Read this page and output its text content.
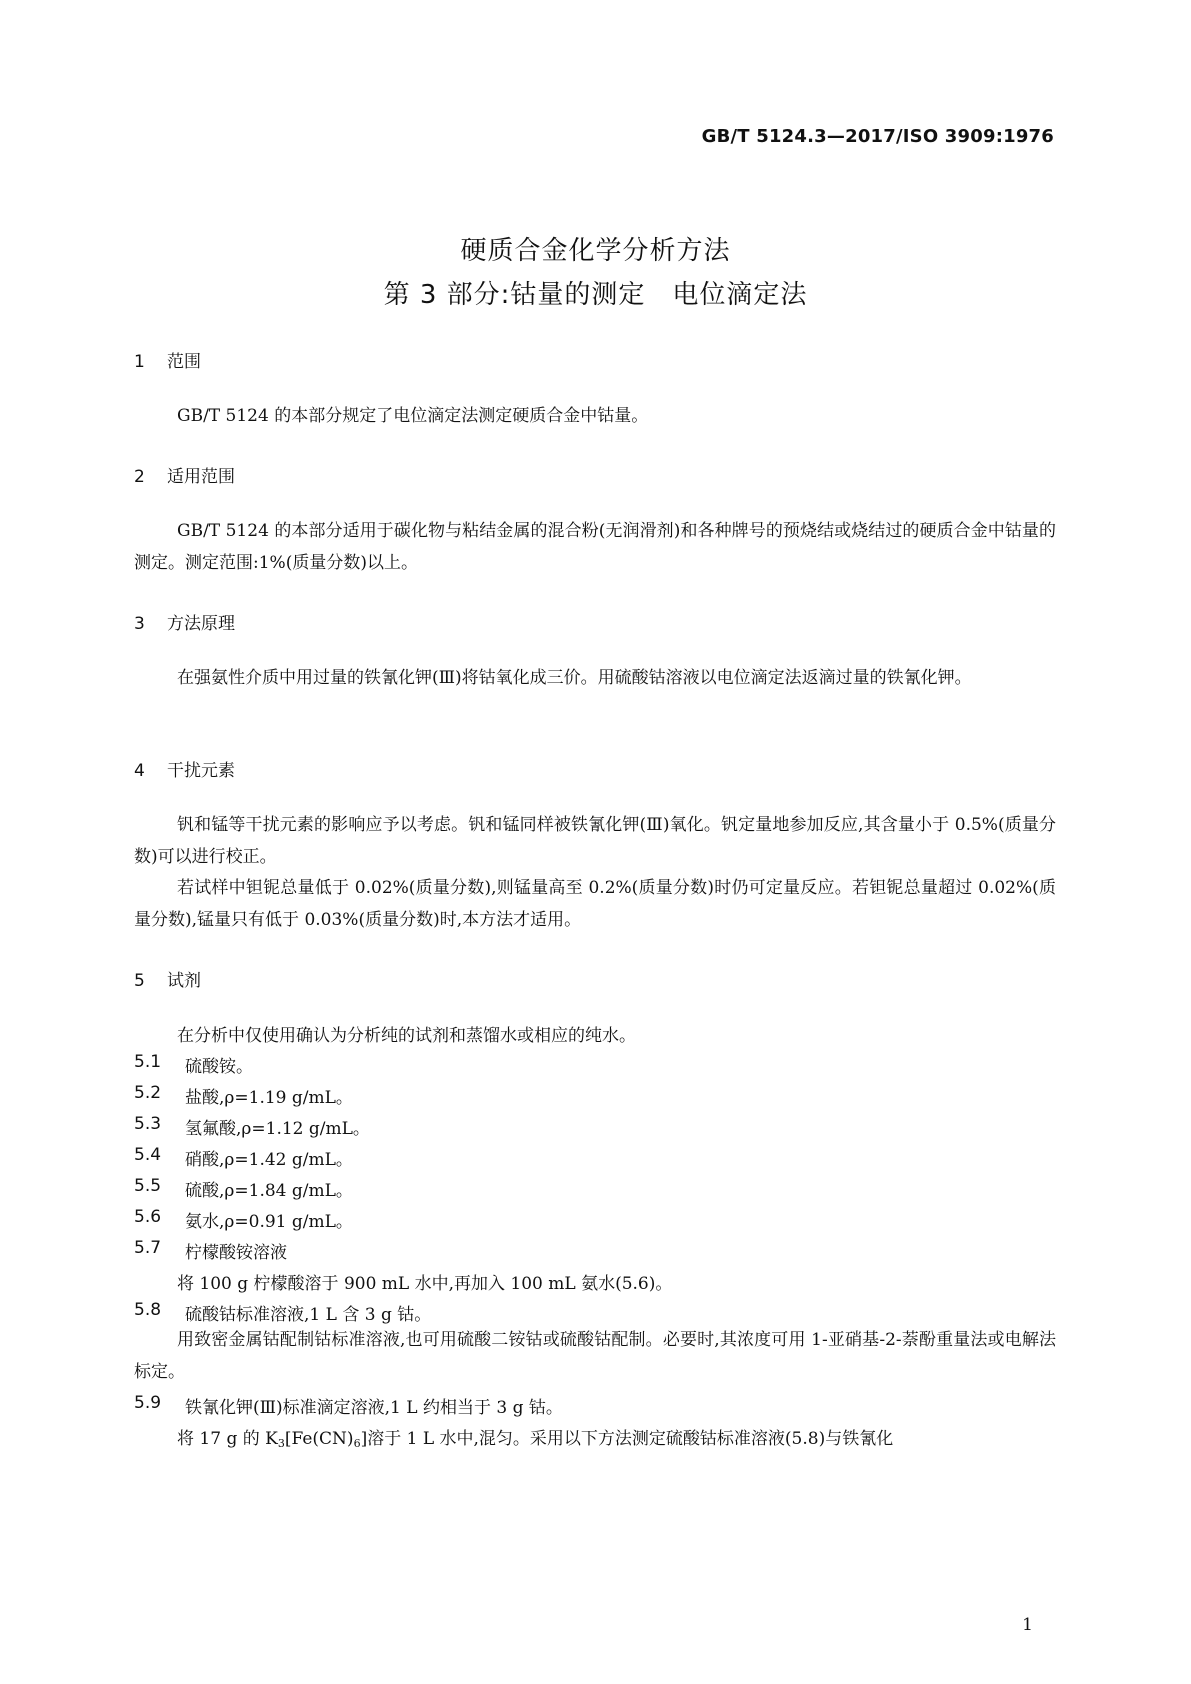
GB/T 5124.3—2017/ISO 3909:1976
硬质合金化学分析方法
第 3 部分:钴量的测定　电位滴定法
1 范围
GB/T 5124 的本部分规定了电位滴定法测定硬质合金中钴量。
2 适用范围
GB/T 5124 的本部分适用于碳化物与粘结金属的混合粉(无润滑剂)和各种牌号的预烧结或烧结过的硬质合金中钴量的测定。测定范围:1%(质量分数)以上。
3 方法原理
在强氨性介质中用过量的铁氰化钾(Ⅲ)将钴氧化成三价。用硫酸钴溶液以电位滴定法返滴过量的铁氰化钾。
4 干扰元素
钒和锰等干扰元素的影响应予以考虑。钒和锰同样被铁氰化钾(Ⅲ)氧化。钒定量地参加反应,其含量小于 0.5%(质量分数)可以进行校正。
若试样中钽铌总量低于 0.02%(质量分数),则锰量高至 0.2%(质量分数)时仍可定量反应。若钽铌总量超过 0.02%(质量分数),锰量只有低于 0.03%(质量分数)时,本方法才适用。
5 试剂
在分析中仅使用确认为分析纯的试剂和蒸馏水或相应的纯水。
5.1 硫酸铵。
5.2 盐酸,ρ=1.19 g/mL。
5.3 氢氟酸,ρ=1.12 g/mL。
5.4 硝酸,ρ=1.42 g/mL。
5.5 硫酸,ρ=1.84 g/mL。
5.6 氨水,ρ=0.91 g/mL。
5.7 柠檬酸铵溶液
将 100 g 柠檬酸溶于 900 mL 水中,再加入 100 mL 氨水(5.6)。
5.8 硫酸钴标准溶液,1 L 含 3 g 钴。
用致密金属钴配制钴标准溶液,也可用硫酸二铵钴或硫酸钴配制。必要时,其浓度可用 1-亚硝基-2-萘酚重量法或电解法标定。
5.9 铁氰化钾(Ⅲ)标准滴定溶液,1 L 约相当于 3 g 钴。
将 17 g 的 $K_3[Fe(CN)_6]$溶于 1 L 水中,混匀。采用以下方法测定硫酸钴标准溶液(5.8)与铁氰化
1
